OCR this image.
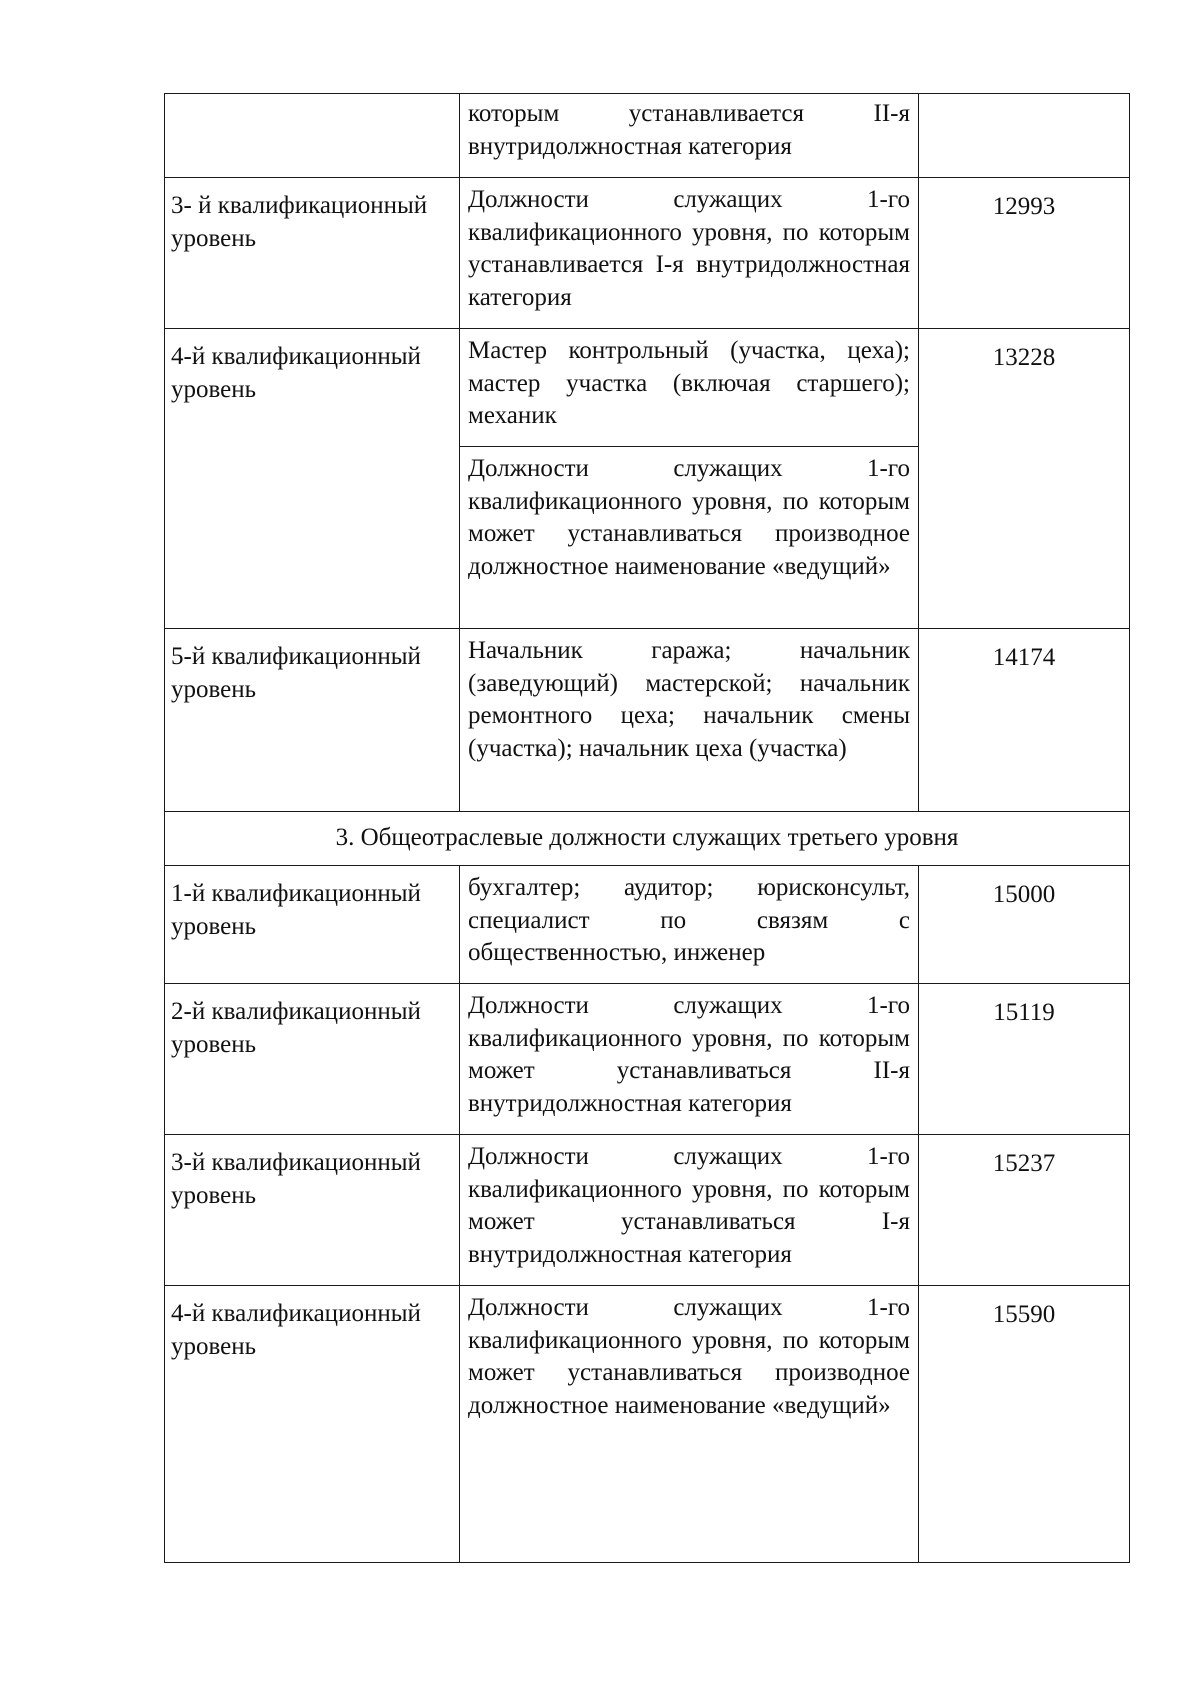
	которым устанавливается II-я внутридолжностная категория	
3- й квалификационный уровень	Должности служащих 1-го квалификационного уровня, по которым устанавливается I-я внутридолжностная категория	12993
4-й квалификационный уровень	Мастер контрольный (участка, цеха); мастер участка (включая старшего); механик	13228
	Должности служащих 1-го квалификационного уровня, по которым может устанавливаться производное должностное наименование «ведущий»	
5-й квалификационный уровень	Начальник гаража; начальник (заведующий) мастерской; начальник ремонтного цеха; начальник смены (участка); начальник цеха (участка)	14174
3. Общеотраслевые должности служащих третьего уровня		
1-й квалификационный уровень	бухгалтер; аудитор; юрисконсульт, специалист по связям с общественностью, инженер	15000
2-й квалификационный уровень	Должности служащих 1-го квалификационного уровня, по которым может устанавливаться II-я внутридолжностная категория	15119
3-й квалификационный уровень	Должности служащих 1-го квалификационного уровня, по которым может устанавливаться I-я внутридолжностная категория	15237
4-й квалификационный уровень	Должности служащих 1-го квалификационного уровня, по которым может устанавливаться производное должностное наименование «ведущий»	15590
